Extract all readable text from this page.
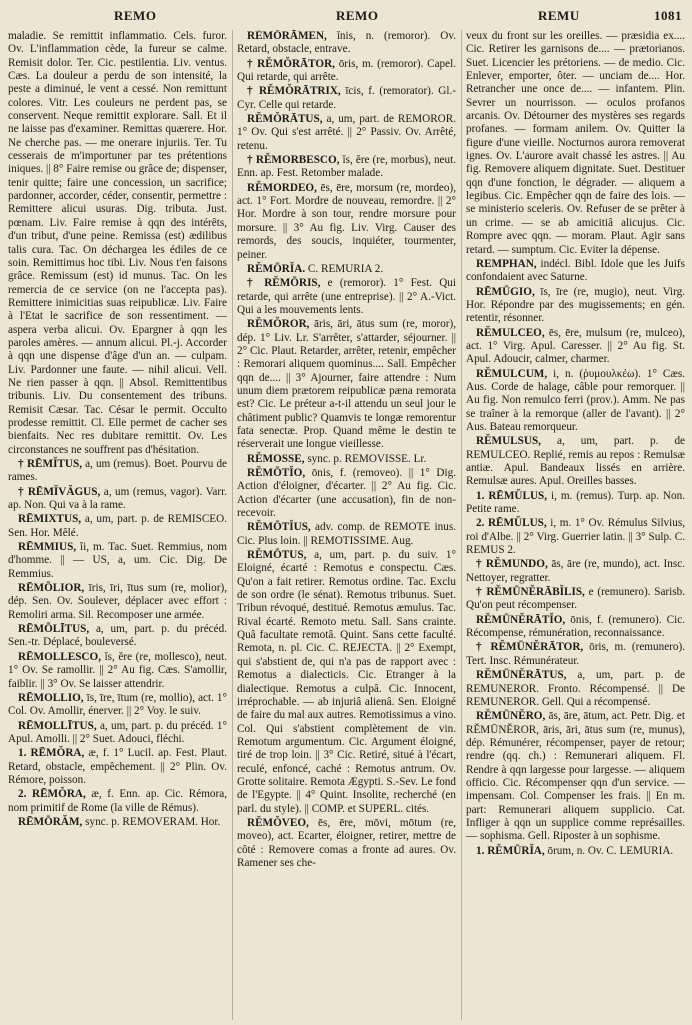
REMO	REMO	REMU	1081

maladie. Se remittit inflammatio. Cels. furor. Ov. L'inflammation cède, la fureur se calme. Remisit dolor. Ter. Cic. pestilentia. Liv. ventus. Cæs. La douleur a perdu de son intensité, la peste a diminué, le vent a cessé. Non remittunt colores. Vitr. Les couleurs ne perdent pas, se conservent. Neque remittit explorare. Sall. Et il ne laisse pas d'examiner. Remittas quærere. Hor. Ne cherche pas. — me onerare injuriis. Ter. Tu cesserais de m'importuner par tes prétentions iniques. || 8° Faire remise ou grâce de; dispenser, tenir quitte; faire une concession, un sacrifice; pardonner, accorder, céder, consentir, permettre : Remittere alicui usuras. Dig. tributa. Just. pœnam. Liv. Faire remise à qqn des intérêts, d'un tribut, d'une peine. Remissa (est) ædilibus talis cura. Tac. On déchargea les édiles de ce soin. Remittimus hoc tibi. Liv. Nous t'en faisons grâce. Remissum (est) id munus. Tac. On les remercia de ce service (on ne l'accepta pas). Remittere inimicitias suas reipublicæ. Liv. Faire à l'Etat le sacrifice de son ressentiment. — aspera verba alicui. Ov. Epargner à qqn les paroles amères. — annum alicui. Pl.-j. Accorder à qqn une dispense d'âge d'un an. — culpam. Liv. Pardonner une faute. — nihil alicui. Vell. Ne rien passer à qqn. || Absol. Remittentibus tribunis. Liv. Du consentement des tribuns. Remisit Cæsar. Tac. César le permit. Occulto prodesse remittit. Cl. Elle permet de cacher ses bienfaits. Nec res dubitare remittit. Ov. Les circonstances ne souffrent pas d'hésitation.

† RĒMĬTUS, a, um (remus). Boet. Pourvu de rames.

† RĒMĬVĂGUS, a, um (remus, vagor). Varr. ap. Non. Qui va à la rame.

RĒMIXTUS, a, um, part. p. de REMISCEO. Sen. Hor. Mêlé.

RĒMMIUS, ĭi, m. Tac. Suet. Remmius, nom d'homme. || — US, a, um. Cic. Dig. De Remmius.

RĒMŌLIOR, īris, īri, ītus sum (re, molior), dép. Sen. Ov. Soulever, déplacer avec effort : Remoliri arma. Sil. Recomposer une armée.

RĒMŌLĪTUS, a, um, part. p. du précéd. Sen.-tr. Déplacé, bouleversé.

RĒMOLLESCO, ĭs, ĕre (re, mollesco), neut. 1° Ov. Se ramollir. || 2° Au fig. Cæs. S'amollir, faiblir. || 3° Ov. Se laisser attendrir.

RĒMOLLIO, īs, īre, ītum (re, mollio), act. 1° Col. Ov. Amollir, énerver. || 2° Voy. le suiv.

RĒMOLLĪTUS, a, um, part. p. du précéd. 1° Apul. Amolli. || 2° Suet. Adouci, fléchi.

1. RĒMŎRA, æ, f. 1° Lucil. ap. Fest. Plaut. Retard, obstacle, empêchement. || 2° Plin. Ov. Rémore, poisson.

2. RĒMŎRA, æ, f. Enn. ap. Cic. Rémora, nom primitif de Rome (la ville de Rémus).

RĒMŌRĂM, sync. p. REMOVERAM. Hor.

RĔMŌRĀMEN, ĭnis, n. (remoror). Ov. Retard, obstacle, entrave.

† RĔMŎRĀTOR, ōris, m. (remoror). Capel. Qui retarde, qui arrête.

† RĔMŎRĀTRIX, īcis, f. (remorator). Gl.-Cyr. Celle qui retarde.

RĔMŎRĀTUS, a, um, part. de REMOROR. 1° Ov. Qui s'est arrêté. || 2° Passiv. Ov. Arrêté, retenu.

† RĔMORBESCO, ĭs, ĕre (re, morbus), neut. Enn. ap. Fest. Retomber malade.

RĔMORDEO, ēs, ēre, morsum (re, mordeo), act. 1° Fort. Mordre de nouveau, remordre. || 2° Hor. Mordre à son tour, rendre morsure pour morsure. || 3° Au fig. Liv. Virg. Causer des remords, des soucis, inquiéter, tourmenter, peiner.

RĔMŌRĬA. C. REMURIA 2.

† RĔMŌRIS, e (remoror). 1° Fest. Qui retarde, qui arrête (une entreprise). || 2° A.-Vict. Qui a les mouvements lents.

RĔMŎROR, āris, āri, ātus sum (re, moror), dép. 1° Liv. Lr. S'arrêter, s'attarder, séjourner. || 2° Cic. Plaut. Retarder, arrêter, retenir, empêcher : Remorari aliquem quominus.... Sall. Empêcher qqn de.... || 3° Ajourner, faire attendre : Num unum diem prætorem reipublicæ pæna remorata est? Cic. Le préteur a-t-il attendu un seul jour le châtiment public? Quamvis te longæ remorentur fata senectæ. Prop. Quand même le destin te réserverait une longue vieillesse.

RĔMOSSE, sync. p. REMOVISSE. Lr.

RĔMŌTĬO, ōnis, f. (removeo). || 1° Dig. Action d'éloigner, d'écarter. || 2° Au fig. Cic. Action d'écarter (une accusation), fin de non-recevoir.

RĔMŌTĬUS, adv. comp. de REMOTE inus. Cic. Plus loin. || REMOTISSIME. Aug.

RĔMŌTUS, a, um, part. p. du suiv. 1° Eloigné, écarté : Remotus e conspectu. Cæs. Qu'on a fait retirer. Remotus ordine. Tac. Exclu de son ordre (le sénat). Remotus tribunus. Suet. Tribun révoqué, destitué. Remotus æmulus. Tac. Rival écarté. Remoto metu. Sall. Sans crainte. Quâ facultate remotâ. Quint. Sans cette faculté. Remota, n. pl. Cic. C. REJECTA. || 2° Exempt, qui s'abstient de, qui n'a pas de rapport avec : Remotus a dialecticis. Cic. Etranger à la dialectique. Remotus a culpâ. Cic. Innocent, irréprochable. — ab injuriâ alienâ. Sen. Eloigné de faire du mal aux autres. Remotissimus a vino. Col. Qui s'abstient complètement de vin. Remotum argumentum. Cic. Argument éloigné, tiré de trop loin. || 3° Cic. Retiré, situé à l'écart, reculé, enfoncé, caché : Remotus antrum. Ov. Grotte solitaire. Remota Ægypti. S.-Sev. Le fond de l'Egypte. || 4° Quint. Insolite, recherché (en parl. du style). || COMP. et SUPERL. cités.

RĔMŎVEO, ēs, ēre, mōvi, mōtum (re, moveo), act. Ecarter, éloigner, retirer, mettre de côté : Removere comas a fronte ad aures. Ov. Ramener ses che-

veux du front sur les oreilles. — præsidia ex.... Cic. Retirer les garnisons de.... — prætorianos. Suet. Licencier les prétoriens. — de medio. Cic. Enlever, emporter, ôter. — unciam de.... Hor. Retrancher une once de.... — infantem. Plin. Sevrer un nourrisson. — oculos profanos arcanis. Ov. Détourner des mystères ses regards profanes. — formam anilem. Ov. Quitter la figure d'une vieille. Nocturnos aurora removerat ignes. Ov. L'aurore avait chassé les astres. || Au fig. Removere aliquem dignitate. Suet. Destituer qqn d'une fonction, le dégrader. — aliquem a legibus. Cic. Empêcher qqn de faire des lois. — se ministerio sceleris. Ov. Refuser de se prêter à un crime. — se ab amicitiâ alicujus. Cic. Rompre avec qqn. — moram. Plaut. Agir sans retard. — sumptum. Cic. Eviter la dépense.

REMPHAN, indécl. Bibl. Idole que les Juifs confondaient avec Saturne.

RĒMŪGIO, īs, īre (re, mugio), neut. Virg. Hor. Répondre par des mugissements; en gén. retentir, résonner.

RĔMULCEO, ēs, ēre, mulsum (re, mulceo), act. 1° Virg. Apul. Caresser. || 2° Au fig. St. Apul. Adoucir, calmer, charmer.

RĔMULCUM, i, n. (ῥυμουλκέω). 1° Cæs. Aus. Corde de halage, câble pour remorquer. || Au fig. Non remulco ferri (prov.). Amm. Ne pas se traîner à la remorque (aller de l'avant). || 2° Aus. Bateau remorqueur.

RĔMULSUS, a, um, part. p. de REMULCEO. Replié, remis au repos : Remulsæ antiæ. Apul. Bandeaux lissés en arrière. Remulsæ aures. Apul. Oreilles basses.

1. RĒMŬLUS, i, m. (remus). Turp. ap. Non. Petite rame.

2. RĒMŬLUS, i, m. 1° Ov. Rémulus Silvius, roi d'Albe. || 2° Virg. Guerrier latin. || 3° Sulp. C. REMUS 2.

† RĔMUNDO, ās, āre (re, mundo), act. Insc. Nettoyer, regratter.

† RĔMŪNĔRĀBĬLIS, e (remunero). Sarisb. Qu'on peut récompenser.

RĔMŪNĔRĀTĬO, ōnis, f. (remunero). Cic. Récompense, rémunération, reconnaissance.

† RĔMŪNĔRĀTOR, ōris, m. (remunero). Tert. Insc. Rémunérateur.

RĔMŪNĔRĀTUS, a, um, part. p. de REMUNEROR. Fronto. Récompensé. || De REMUNEROR. Gell. Qui a récompensé.

RĔMŪNĔRO, ās, āre, ātum, act. Petr. Dig. et RĔMŪNĔROR, āris, āri, ātus sum (re, munus), dép. Rémunérer, récompenser, payer de retour; rendre (qq. ch.) : Remunerari aliquem. Fl. Rendre à qqn largesse pour largesse. — aliquem officio. Cic. Récompenser qqn d'un service. — impensam. Col. Compenser les frais. || En m. part: Remunerari aliquem supplicio. Cat. Infliger à qqn un supplice comme représailles. — sophisma. Gell. Riposter à un sophisme.

1. RĔMŪRĬA, ōrum, n. Ov. C. LEMURIA.
